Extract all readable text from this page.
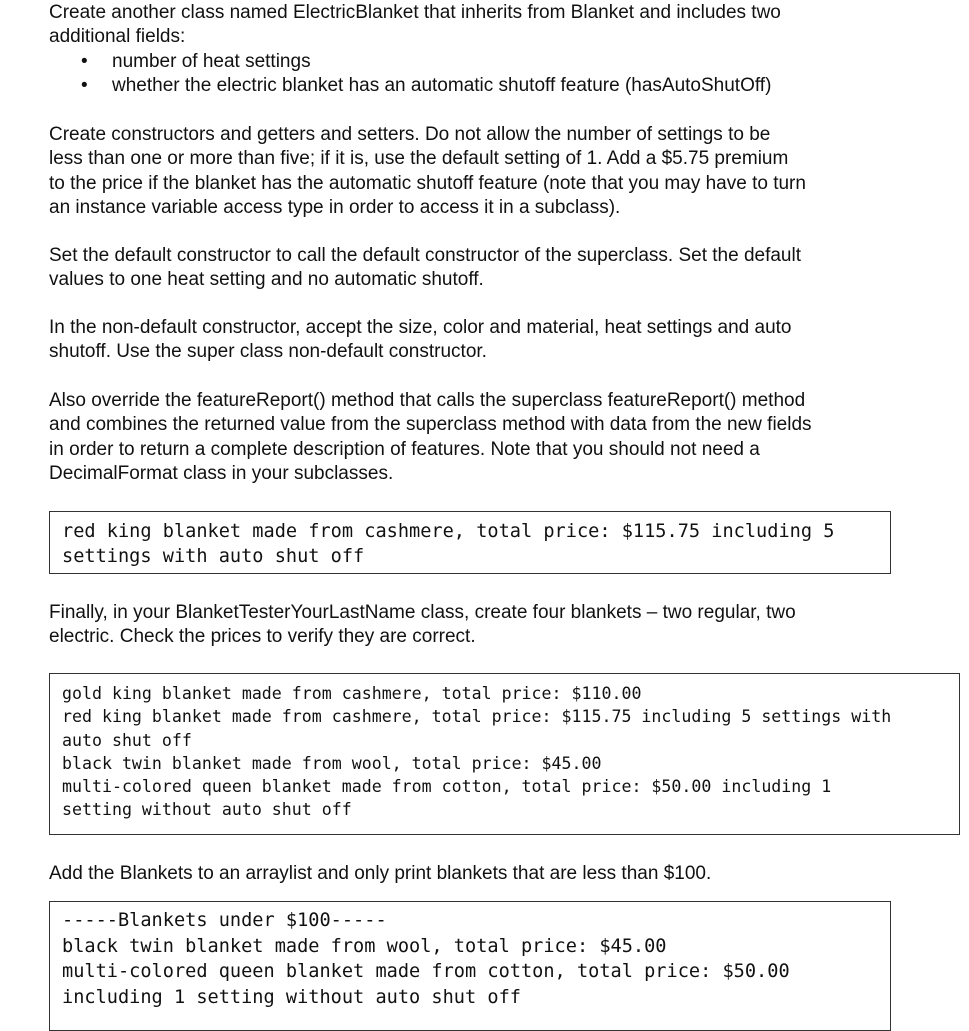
Create another class named ElectricBlanket that inherits from Blanket and includes two

additional fields:

• number of heat settings
• whether the electric blanket has an automatic shutoff feature (hasAutoShutOff)

Create constructors and getters and setters. Do not allow the number of settings to be

less than one or more than five; if it is, use the default setting of 1. Add a $5.75 premium

to the price if the blanket has the automatic shutoff feature (note that you may have to turn

an instance variable access type in order to access it in a subclass).

Set the default constructor to call the default constructor of the superclass. Set the default

values to one heat setting and no automatic shutoff.

In the non-default constructor, accept the size, color and material, heat settings and auto

shutoff. Use the super class non-default constructor.

Also override the featureReport() method that calls the superclass featureReport() method

and combines the returned value from the superclass method with data from the new fields

in order to return a complete description of features. Note that you should not need a

DecimalFormat class in your subclasses.

red king blanket made from cashmere, total price: $115.75 including 5
settings with auto shut off

Finally, in your BlanketTesterYourLastName class, create four blankets – two regular, two

electric. Check the prices to verify they are correct.

gold king blanket made from cashmere, total price: $110.00
red king blanket made from cashmere, total price: $115.75 including 5 settings with
auto shut off
black twin blanket made from wool, total price: $45.00
multi-colored queen blanket made from cotton, total price: $50.00 including 1
setting without auto shut off

Add the Blankets to an arraylist and only print blankets that are less than $100.

-----Blankets under $100-----
black twin blanket made from wool, total price: $45.00
multi-colored queen blanket made from cotton, total price: $50.00
including 1 setting without auto shut off
